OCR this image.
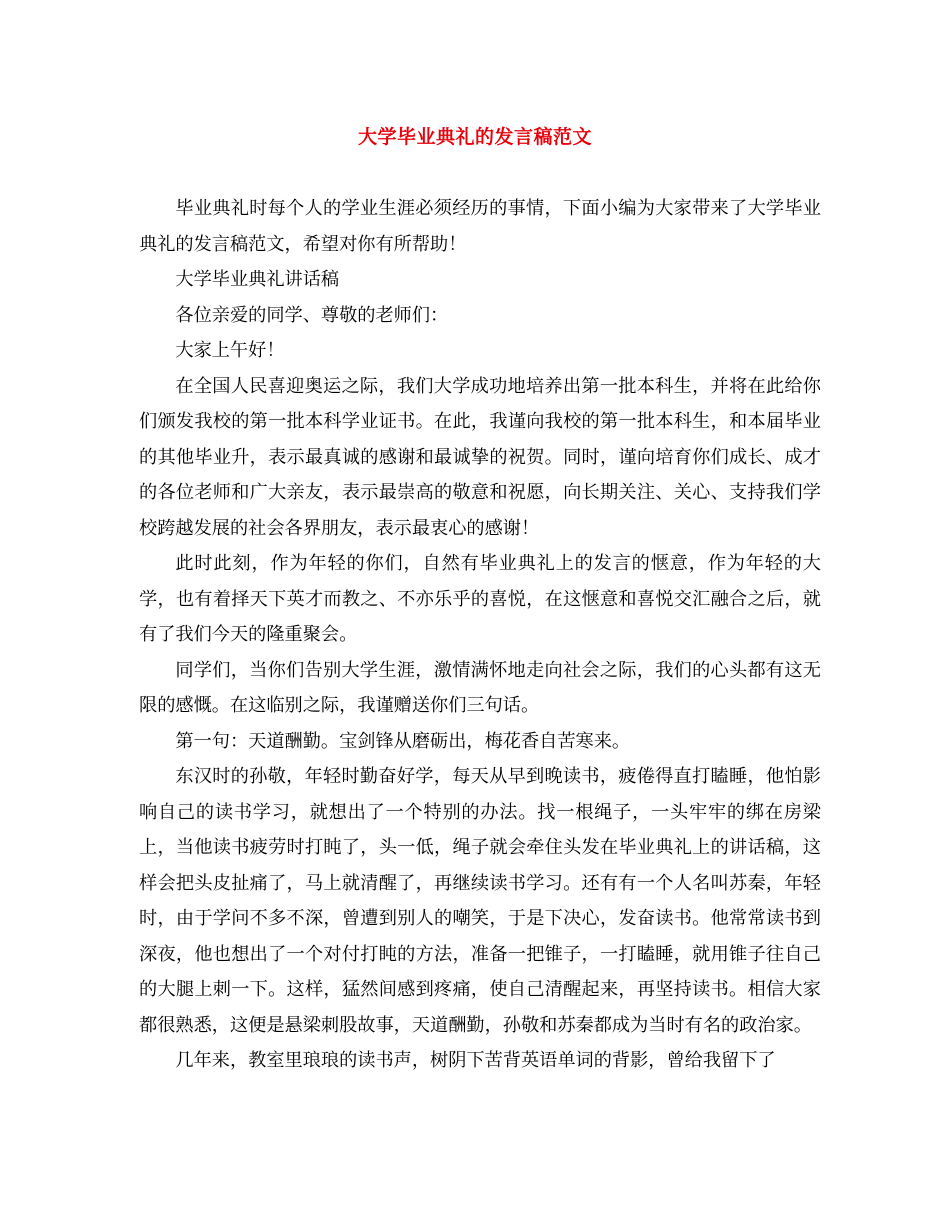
大学毕业典礼的发言稿范文

毕业典礼时每个人的学业生涯必须经历的事情，下面小编为大家带来了大学毕业典礼的发言稿范文，希望对你有所帮助！

大学毕业典礼讲话稿

各位亲爱的同学、尊敬的老师们：

大家上午好！

在全国人民喜迎奥运之际，我们大学成功地培养出第一批本科生，并将在此给你们颁发我校的第一批本科学业证书。在此，我谨向我校的第一批本科生，和本届毕业的其他毕业升，表示最真诚的感谢和最诚挚的祝贺。同时，谨向培育你们成长、成才的各位老师和广大亲友，表示最崇高的敬意和祝愿，向长期关注、关心、支持我们学校跨越发展的社会各界朋友，表示最衷心的感谢！

此时此刻，作为年轻的你们，自然有毕业典礼上的发言的惬意，作为年轻的大学，也有着择天下英才而教之、不亦乐乎的喜悦，在这惬意和喜悦交汇融合之后，就有了我们今天的隆重聚会。

同学们，当你们告别大学生涯，激情满怀地走向社会之际，我们的心头都有这无限的感慨。在这临别之际，我谨赠送你们三句话。

第一句：天道酬勤。宝剑锋从磨砺出，梅花香自苦寒来。

东汉时的孙敬，年轻时勤奋好学，每天从早到晚读书，疲倦得直打瞌睡，他怕影响自己的读书学习，就想出了一个特别的办法。找一根绳子，一头牢牢的绑在房梁上，当他读书疲劳时打盹了，头一低，绳子就会牵住头发在毕业典礼上的讲话稿，这样会把头皮扯痛了，马上就清醒了，再继续读书学习。还有有一个人名叫苏秦，年轻时，由于学问不多不深，曾遭到别人的嘲笑，于是下决心，发奋读书。他常常读书到深夜，他也想出了一个对付打盹的方法，准备一把锥子，一打瞌睡，就用锥子往自己的大腿上刺一下。这样，猛然间感到疼痛，使自己清醒起来，再坚持读书。相信大家都很熟悉，这便是悬梁刺股故事，天道酬勤，孙敬和苏秦都成为当时有名的政治家。

几年来，教室里琅琅的读书声，树阴下苦背英语单词的背影，曾给我留下了
